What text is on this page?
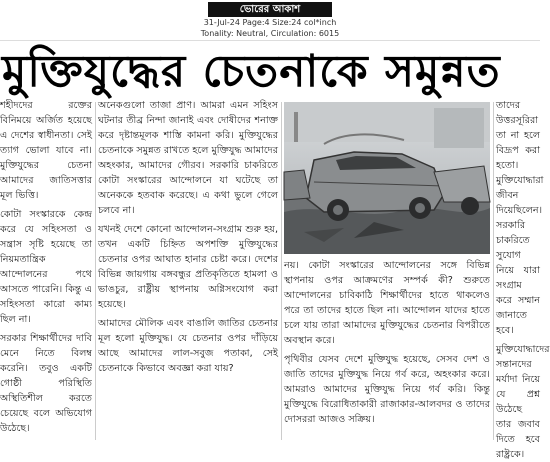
ভোরের আকাশ
31-Jul-24 Page:4 Size:24 col*inch
Tonality: Neutral, Circulation: 6015
মুক্তিযুদ্ধের চেতনাকে সমুন্নত

শহীদদের রক্তের বিনিময়ে অর্জিত হয়েছে এ দেশের স্বাধীনতা। সেই ত্যাগ ভোলা যাবে না। মুক্তিযুদ্ধের চেতনা আমাদের জাতিসত্তার মূল ভিত্তি।

কোটা সংস্কারকে কেন্দ্র করে যে সহিংসতা ও সন্ত্রাস সৃষ্টি হয়েছে তা নিয়মতান্ত্রিক আন্দোলনের পথে আসতে পারেনি। কিন্তু এ সহিংসতা কারো কাম্য ছিল না।

সরকার শিক্ষার্থীদের দাবি মেনে নিতে বিলম্ব করেনি। তবুও একটি গোষ্ঠী পরিস্থিতি অস্থিতিশীল করতে চেয়েছে বলে অভিযোগ উঠেছে।

অনেকগুলো তাজা প্রাণ। আমরা এমন সহিংস ঘটনার তীব্র নিন্দা জানাই এবং দোষীদের শনাক্ত করে দৃষ্টান্তমূলক শাস্তি কামনা করি। মুক্তিযুদ্ধের চেতনাকে সমুন্নত রাখতে হলে মুক্তিযুদ্ধ আমাদের অহংকার, আমাদের গৌরব। সরকারি চাকরিতে কোটা সংস্কারের আন্দোলনে যা ঘটেছে তা অনেককে হতবাক করেছে। এ কথা ভুলে গেলে চলবে না।

যখনই দেশে কোনো আন্দোলন-সংগ্রাম শুরু হয়, তখন একটি চিহ্নিত অপশক্তি মুক্তিযুদ্ধের চেতনার ওপর আঘাত হানার চেষ্টা করে। দেশের বিভিন্ন জায়গায় বঙ্গবন্ধুর প্রতিকৃতিতে হামলা ও ভাঙচুর, রাষ্ট্রীয় স্থাপনায় অগ্নিসংযোগ করা হয়েছে।

আমাদের মৌলিক এবং বাঙালি জাতির চেতনার মূল হলো মুক্তিযুদ্ধ। যে চেতনার ওপর দাঁড়িয়ে আছে আমাদের লাল-সবুজ পতাকা, সেই চেতনাকে কিভাবে অবজ্ঞা করা যায়?

নয়। কোটা সংস্কারের আন্দোলনের সঙ্গে বিভিন্ন স্থাপনায় ওপর আক্রমণের সম্পর্ক কী? শুরুতে আন্দোলনের চাবিকাঠি শিক্ষার্থীদের হাতে থাকলেও পরে তা তাদের হাতে ছিল না। আন্দোলন যাদের হাতে চলে যায় তারা আমাদের মুক্তিযুদ্ধের চেতনার বিপরীতে অবস্থান করে।

পৃথিবীর যেসব দেশে মুক্তিযুদ্ধ হয়েছে, সেসব দেশ ও জাতি তাদের মুক্তিযুদ্ধ নিয়ে গর্ব করে, অহংকার করে। আমরাও আমাদের মুক্তিযুদ্ধ নিয়ে গর্ব করি। কিন্তু মুক্তিযুদ্ধে বিরোধিতাকারী রাজাকার-আলবদর ও তাদের দোসররা আজও সক্রিয়।

তাদের উত্তরসূরিরা তা না হলে বিদ্রূপ করা হতো। মুক্তিযোদ্ধারা জীবন দিয়েছিলেন। সরকারি চাকরিতে সুযোগ নিয়ে যারা সংগ্রাম করে সম্মান জানাতে হবে।

মুক্তিযোদ্ধাদের সন্তানদের মর্যাদা নিয়ে যে প্রশ্ন উঠেছে তার জবাব দিতে হবে রাষ্ট্রকে।
